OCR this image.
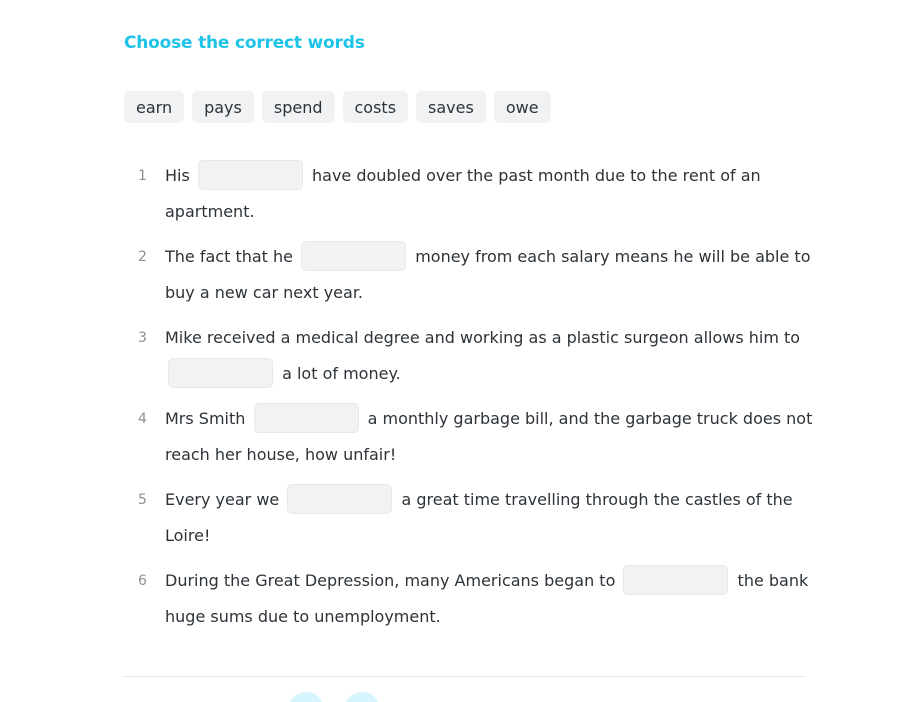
Choose the correct words
earn	pays	spend	costs	saves	owe
1 His	have doubled over the past month due to the rent of an apartment.
2 The fact that he	money from each salary means he will be able to buy a new car next year.
3 Mike received a medical degree and working as a plastic surgeon allows him to  a lot of money.
4 Mrs Smith	a monthly garbage bill, and the garbage truck does not reach her house, how unfair!
5 Every year we	a great time travelling through the castles of the Loire!
6 During the Great Depression, many Americans began to	the bank huge sums due to unemployment.
